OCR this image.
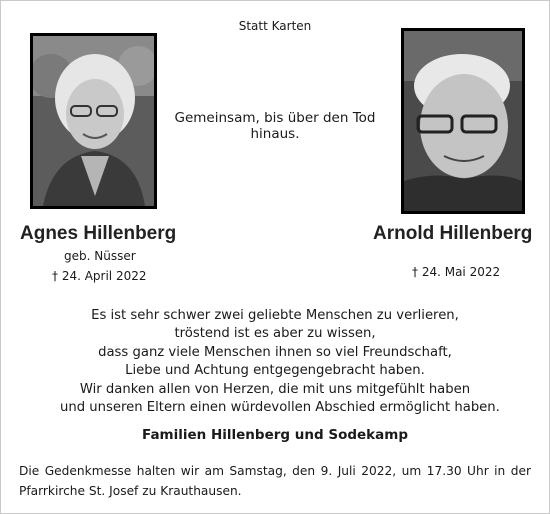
Statt Karten
Gemeinsam, bis über den Tod hinaus.
Agnes Hillenberg
geb. Nüsser
† 24. April 2022
Arnold Hillenberg
† 24. Mai 2022
Es ist sehr schwer zwei geliebte Menschen zu verlieren,
tröstend ist es aber zu wissen,
dass ganz viele Menschen ihnen so viel Freundschaft,
Liebe und Achtung entgegengebracht haben.
Wir danken allen von Herzen, die mit uns mitgefühlt haben
und unseren Eltern einen würdevollen Abschied ermöglicht haben.
Familien Hillenberg und Sodekamp
Die Gedenkmesse halten wir am Samstag, den 9. Juli 2022, um 17.30 Uhr in der Pfarrkirche St. Josef zu Krauthausen.
